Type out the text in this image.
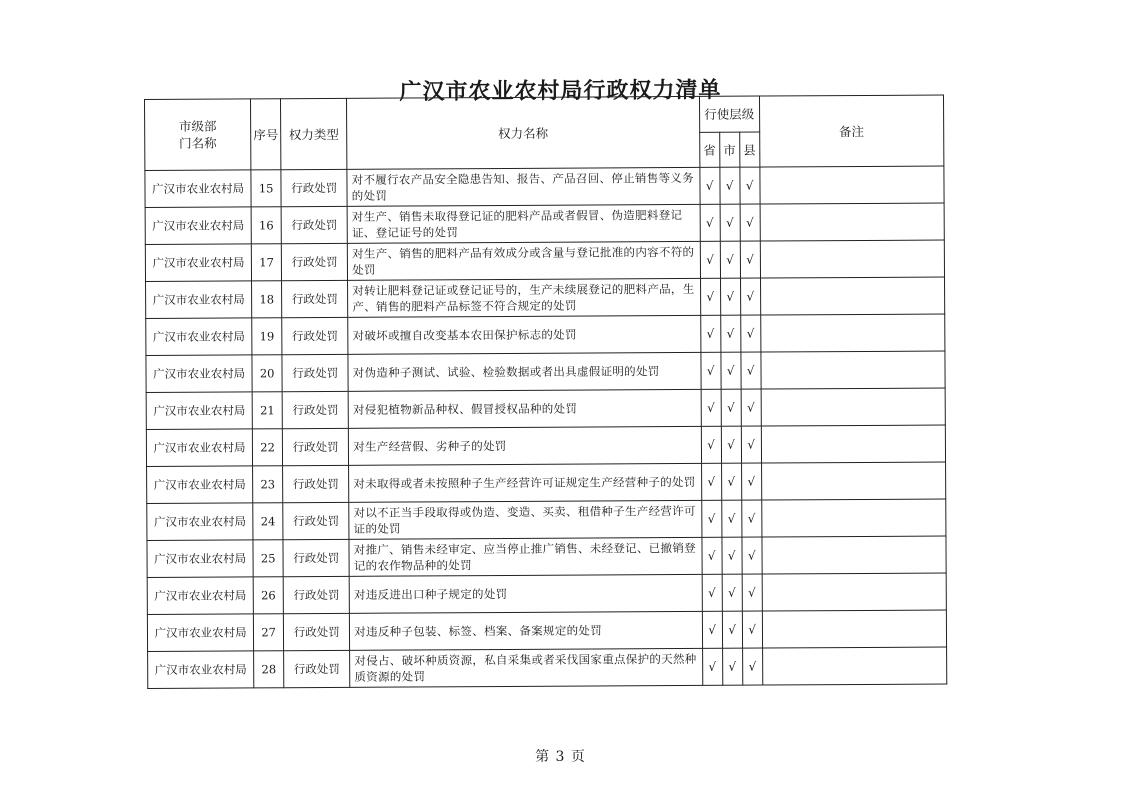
广汉市农业农村局行政权力清单
市级部
门名称	序号	权力类型	权力名称	行使层级			备注
				省	市	县	
广汉市农业农村局	15	行政处罚	对不履行农产品安全隐患告知、报告、产品召回、停止销售等义务的处罚	√	√	√	
广汉市农业农村局	16	行政处罚	对生产、销售未取得登记证的肥料产品或者假冒、伪造肥料登记证、登记证号的处罚	√	√	√	
广汉市农业农村局	17	行政处罚	对生产、销售的肥料产品有效成分或含量与登记批准的内容不符的处罚	√	√	√	
广汉市农业农村局	18	行政处罚	对转让肥料登记证或登记证号的，生产未续展登记的肥料产品，生产、销售的肥料产品标签不符合规定的处罚	√	√	√	
广汉市农业农村局	19	行政处罚	对破坏或擅自改变基本农田保护标志的处罚	√	√	√	
广汉市农业农村局	20	行政处罚	对伪造种子测试、试验、检验数据或者出具虚假证明的处罚	√	√	√	
广汉市农业农村局	21	行政处罚	对侵犯植物新品种权、假冒授权品种的处罚	√	√	√	
广汉市农业农村局	22	行政处罚	对生产经营假、劣种子的处罚	√	√	√	
广汉市农业农村局	23	行政处罚	对未取得或者未按照种子生产经营许可证规定生产经营种子的处罚	√	√	√	
广汉市农业农村局	24	行政处罚	对以不正当手段取得或伪造、变造、买卖、租借种子生产经营许可证的处罚	√	√	√	
广汉市农业农村局	25	行政处罚	对推广、销售未经审定、应当停止推广销售、未经登记、已撤销登记的农作物品种的处罚	√	√	√	
广汉市农业农村局	26	行政处罚	对违反进出口种子规定的处罚	√	√	√	
广汉市农业农村局	27	行政处罚	对违反种子包装、标签、档案、备案规定的处罚	√	√	√	
广汉市农业农村局	28	行政处罚	对侵占、破坏种质资源，私自采集或者采伐国家重点保护的天然种质资源的处罚	√	√	√	
第 3 页
